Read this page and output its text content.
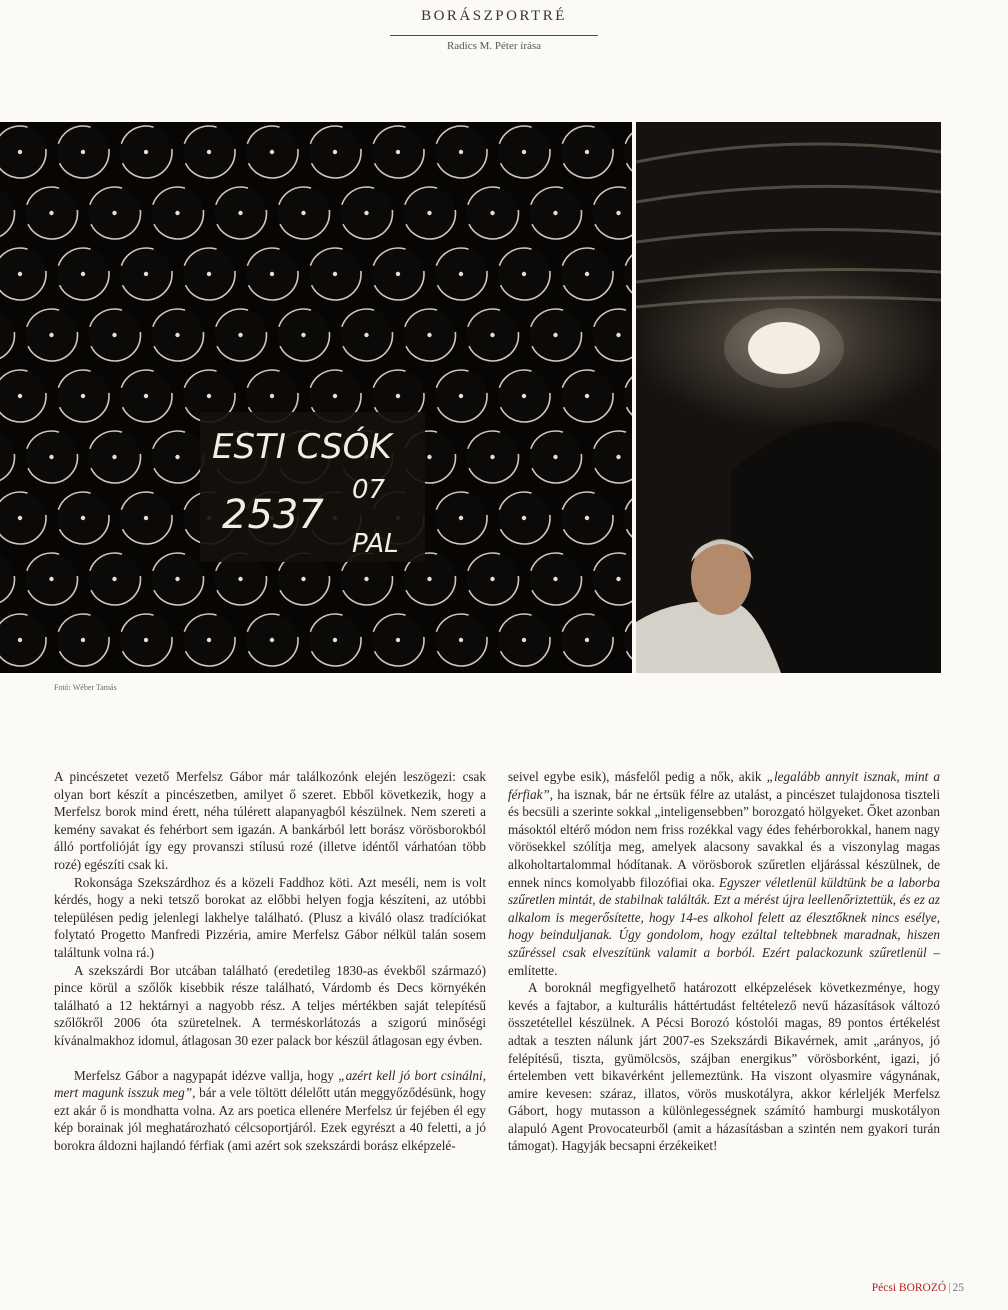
BORÁSZPORTRÉ
Radics M. Péter írása
ESTI CSÓK
07
2537
PAL
Fotó: Wéber Tamás

A pincészetet vezető Merfelsz Gábor már találkozónk elején leszögezi: csak olyan bort készít a pincészetben, amilyet ő szeret. Ebből következik, hogy a Merfelsz borok mind érett, néha túlérett alapanyagból készülnek. Nem szereti a kemény savakat és fehérbort sem igazán. A bankárból lett borász vörösborokból álló portfolióját így egy provanszi stílusú rozé (illetve idéntől várhatóan több rozé) egészíti csak ki.

Rokonsága Szekszárdhoz és a közeli Faddhoz köti. Azt meséli, nem is volt kérdés, hogy a neki tetsző borokat az előbbi helyen fogja készíteni, az utóbbi településen pedig jelenlegi lakhelye található. (Plusz a kiváló olasz tradíciókat folytató Progetto Manfredi Pizzéria, amire Merfelsz Gábor nélkül talán sosem találtunk volna rá.)

A szekszárdi Bor utcában található (eredetileg 1830-as évekből származó) pince körül a szőlők kisebbik része található, Várdomb és Decs környékén található a 12 hektárnyi a nagyobb rész. A teljes mértékben saját telepítésű szőlőkről 2006 óta szüretelnek. A terméskorlátozás a szigorú minőségi kívánalmakhoz idomul, átlagosan 30 ezer palack bor készül átlagosan egy évben.

Merfelsz Gábor a nagypapát idézve vallja, hogy „azért kell jó bort csinálni, mert magunk isszuk meg”, bár a vele töltött délelőtt után meggyőződésünk, hogy ezt akár ő is mondhatta volna. Az ars poetica ellenére Merfelsz úr fejében él egy kép borainak jól meghatározható célcsoportjáról. Ezek egyrészt a 40 feletti, a jó borokra áldozni hajlandó férfiak (ami azért sok szekszárdi borász elképzelé-

seivel egybe esik), másfelől pedig a nők, akik „legalább annyit isznak, mint a férfiak”, ha isznak, bár ne értsük félre az utalást, a pincészet tulajdonosa tiszteli és becsüli a szerinte sokkal „inteligensebben” borozgató hölgyeket. Őket azonban másoktól eltérő módon nem friss rozékkal vagy édes fehérborokkal, hanem nagy vörösekkel szólítja meg, amelyek alacsony savakkal és a viszonylag magas alkoholtartalommal hódítanak. A vörösborok szűretlen eljárással készülnek, de ennek nincs komolyabb filozófiai oka. Egyszer véletlenül küldtünk be a laborba szűretlen mintát, de stabilnak találták. Ezt a mérést újra leellenőriztettük, és ez az alkalom is megerősítette, hogy 14-es alkohol felett az élesztőknek nincs esélye, hogy beinduljanak. Úgy gondolom, hogy ezáltal teltebbnek maradnak, hiszen szűréssel csak elveszítünk valamit a borból. Ezért palackozunk szűretlenül – említette.

A boroknál megfigyelhető határozott elképzelések következménye, hogy kevés a fajtabor, a kulturális háttértudást feltételező nevű házasítások változó összetétellel készülnek. A Pécsi Borozó kóstolói magas, 89 pontos értékelést adtak a teszten nálunk járt 2007-es Szekszárdi Bikavérnek, amit „arányos, jó felépítésű, tiszta, gyümölcsös, szájban energikus” vörösborként, igazi, jó értelemben vett bikavérként jellemeztünk. Ha viszont olyasmire vágynának, amire kevesen: száraz, illatos, vörös muskotályra, akkor kérleljék Merfelsz Gábort, hogy mutasson a különlegességnek számító hamburgi muskotályon alapuló Agent Provocateurből (amit a házasításban a szintén nem gyakori turán támogat). Hagyják becsapni érzékeiket!

Pécsi BOROZÓ | 25
